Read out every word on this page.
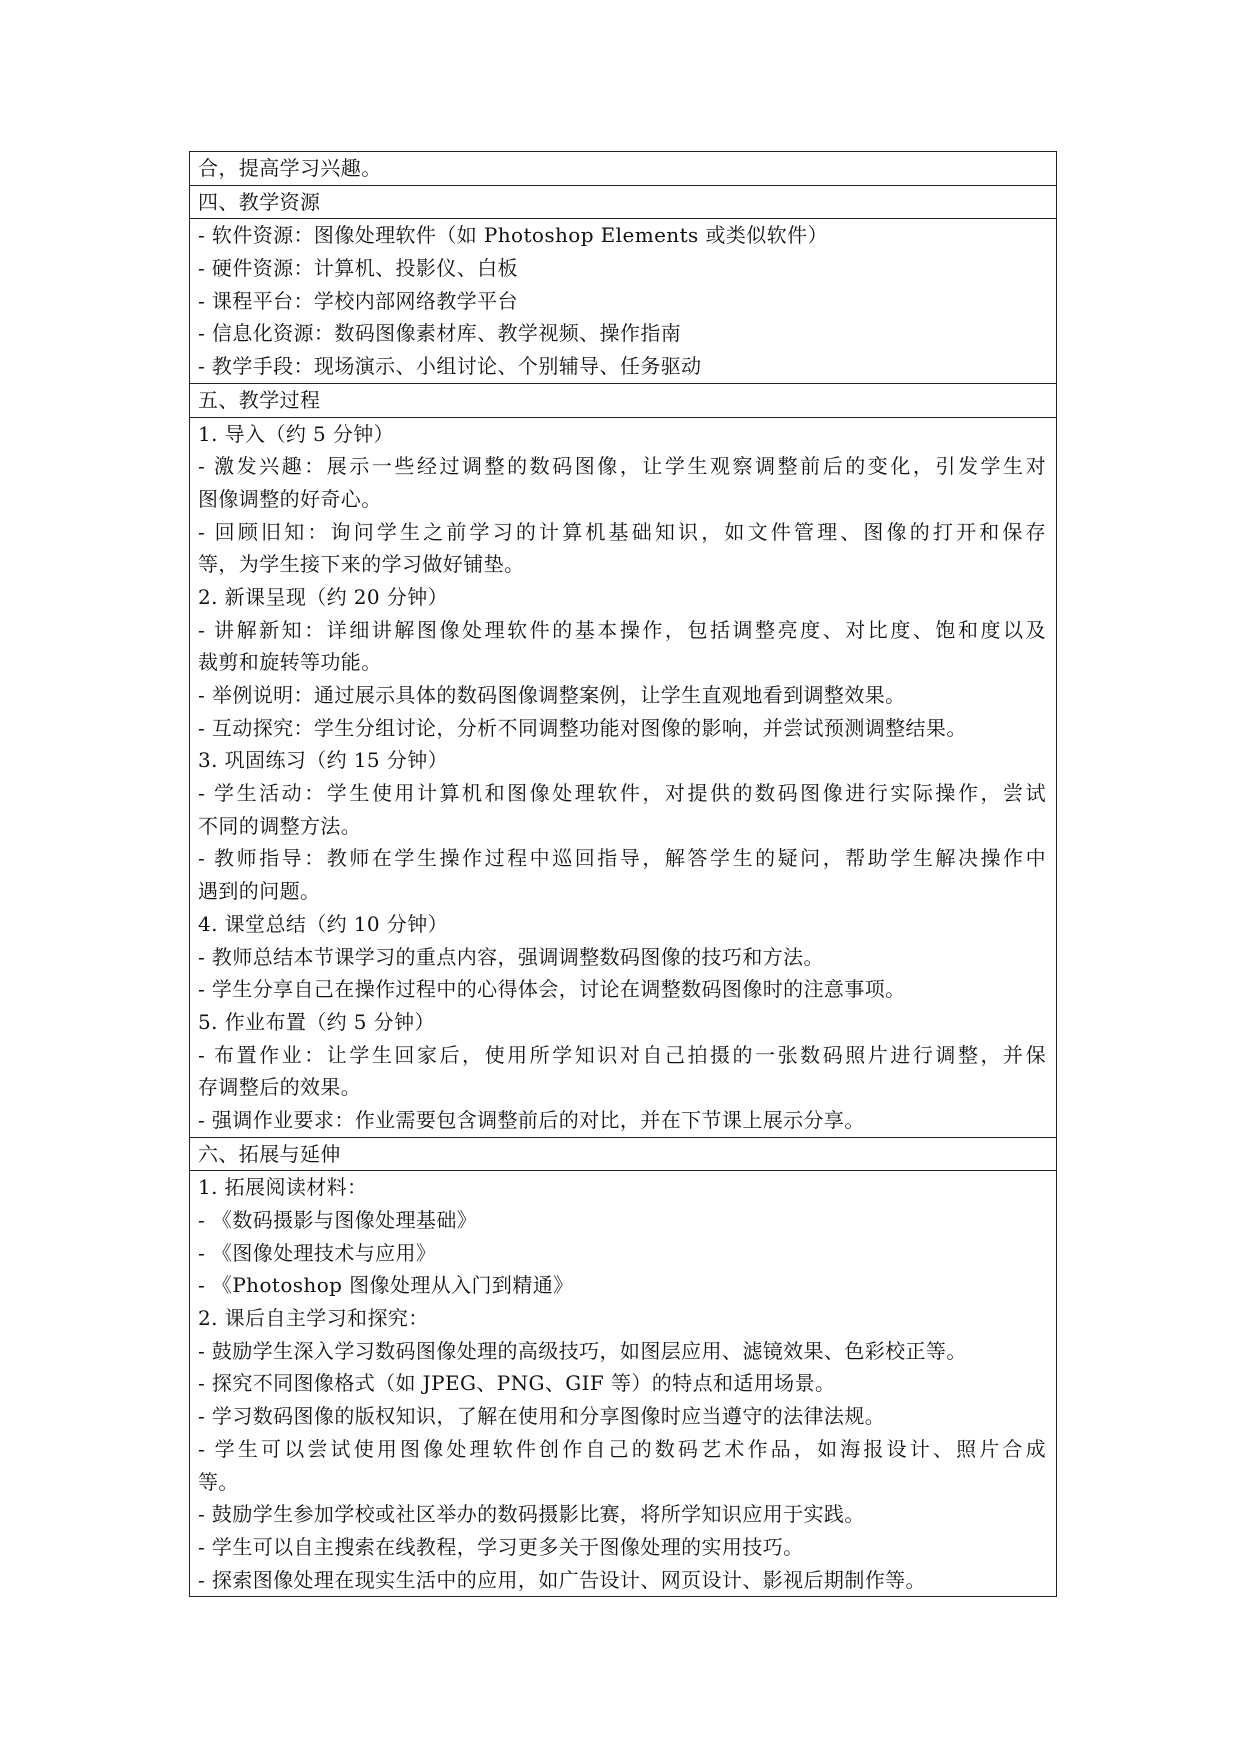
合，提高学习兴趣。
四、教学资源
- 软件资源：图像处理软件（如 Photoshop Elements 或类似软件）
- 硬件资源：计算机、投影仪、白板
- 课程平台：学校内部网络教学平台
- 信息化资源：数码图像素材库、教学视频、操作指南
- 教学手段：现场演示、小组讨论、个别辅导、任务驱动
五、教学过程
1. 导入（约 5 分钟）
- 激发兴趣：展示一些经过调整的数码图像，让学生观察调整前后的变化，引发学生对
图像调整的好奇心。
- 回顾旧知：询问学生之前学习的计算机基础知识，如文件管理、图像的打开和保存
等，为学生接下来的学习做好铺垫。
2. 新课呈现（约 20 分钟）
- 讲解新知：详细讲解图像处理软件的基本操作，包括调整亮度、对比度、饱和度以及
裁剪和旋转等功能。
- 举例说明：通过展示具体的数码图像调整案例，让学生直观地看到调整效果。
- 互动探究：学生分组讨论，分析不同调整功能对图像的影响，并尝试预测调整结果。
3. 巩固练习（约 15 分钟）
- 学生活动：学生使用计算机和图像处理软件，对提供的数码图像进行实际操作，尝试
不同的调整方法。
- 教师指导：教师在学生操作过程中巡回指导，解答学生的疑问，帮助学生解决操作中
遇到的问题。
4. 课堂总结（约 10 分钟）
- 教师总结本节课学习的重点内容，强调调整数码图像的技巧和方法。
- 学生分享自己在操作过程中的心得体会，讨论在调整数码图像时的注意事项。
5. 作业布置（约 5 分钟）
- 布置作业：让学生回家后，使用所学知识对自己拍摄的一张数码照片进行调整，并保
存调整后的效果。
- 强调作业要求：作业需要包含调整前后的对比，并在下节课上展示分享。
六、拓展与延伸
1. 拓展阅读材料：
- 《数码摄影与图像处理基础》
- 《图像处理技术与应用》
- 《Photoshop 图像处理从入门到精通》
2. 课后自主学习和探究：
- 鼓励学生深入学习数码图像处理的高级技巧，如图层应用、滤镜效果、色彩校正等。
- 探究不同图像格式（如 JPEG、PNG、GIF 等）的特点和适用场景。
- 学习数码图像的版权知识，了解在使用和分享图像时应当遵守的法律法规。
- 学生可以尝试使用图像处理软件创作自己的数码艺术作品，如海报设计、照片合成
等。
- 鼓励学生参加学校或社区举办的数码摄影比赛，将所学知识应用于实践。
- 学生可以自主搜索在线教程，学习更多关于图像处理的实用技巧。
- 探索图像处理在现实生活中的应用，如广告设计、网页设计、影视后期制作等。
